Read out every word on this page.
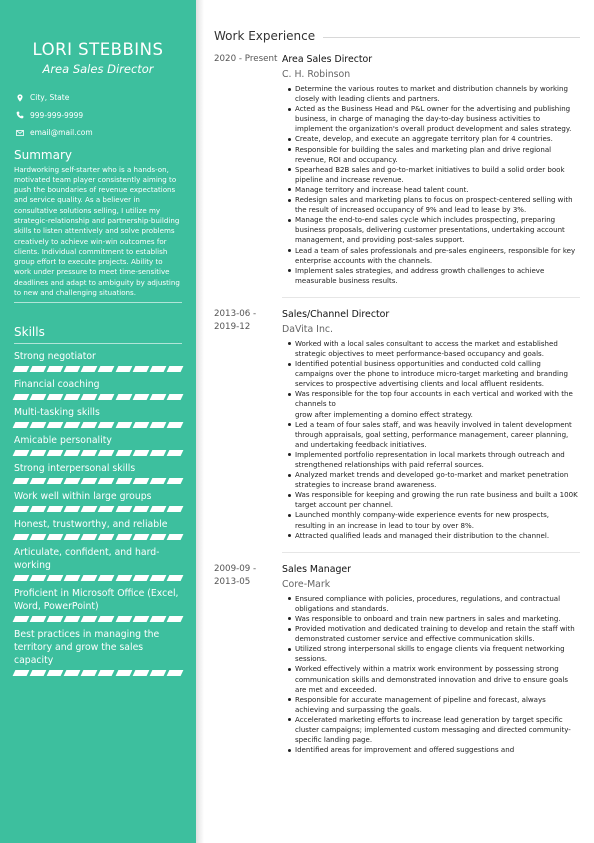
LORI STEBBINS
Area Sales Director
City, State
999-999-9999
email@mail.com
Summary
Hardworking self-starter who is a hands-on, motivated team player consistently aiming to push the boundaries of revenue expectations and service quality. As a believer in consultative solutions selling, I utilize my strategic-relationship and partnership-building skills to listen attentively and solve problems creatively to achieve win-win outcomes for clients. Individual commitment to establish group effort to execute projects. Ability to work under pressure to meet time-sensitive deadlines and adapt to ambiguity by adjusting to new and challenging situations.
Skills
Strong negotiator
Financial coaching
Multi-tasking skills
Amicable personality
Strong interpersonal skills
Work well within large groups
Honest, trustworthy, and reliable
Articulate, confident, and hard-working
Proficient in Microsoft Office (Excel, Word, PowerPoint)
Best practices in managing the territory and grow the sales capacity
Work Experience
2020 - Present Area Sales Director
C. H. Robinson
Determine the various routes to market and distribution channels by working closely with leading clients and partners.
Acted as the Business Head and P&L owner for the advertising and publishing business, in charge of managing the day-to-day business activities to implement the organization's overall product development and sales strategy.
Create, develop, and execute an aggregate territory plan for 4 countries.
Responsible for building the sales and marketing plan and drive regional revenue, ROI and occupancy.
Spearhead B2B sales and go-to-market initiatives to build a solid order book pipeline and increase revenue.
Manage territory and increase head talent count.
Redesign sales and marketing plans to focus on prospect-centered selling with the result of increased occupancy of 9% and lead to lease by 3%.
Manage the end-to-end sales cycle which includes prospecting, preparing business proposals, delivering customer presentations, undertaking account management, and providing post-sales support.
Lead a team of sales professionals and pre-sales engineers, responsible for key enterprise accounts with the channels.
Implement sales strategies, and address growth challenges to achieve measurable business results.
2013-06 - 2019-12
Sales/Channel Director
DaVita Inc.
Worked with a local sales consultant to access the market and established strategic objectives to meet performance-based occupancy and goals.
Identified potential business opportunities and conducted cold calling campaigns over the phone to introduce micro-target marketing and branding services to prospective advertising clients and local affluent residents.
Was responsible for the top four accounts in each vertical and worked with the channels to
grow after implementing a domino effect strategy.
Led a team of four sales staff, and was heavily involved in talent development through appraisals, goal setting, performance management, career planning, and undertaking feedback initiatives.
Implemented portfolio representation in local markets through outreach and strengthened relationships with paid referral sources.
Analyzed market trends and developed go-to-market and market penetration strategies to increase brand awareness.
Was responsible for keeping and growing the run rate business and built a 100K target account per channel.
Launched monthly company-wide experience events for new prospects, resulting in an increase in lead to tour by over 8%.
Attracted qualified leads and managed their distribution to the channel.
2009-09 - 2013-05
Sales Manager
Core-Mark
Ensured compliance with policies, procedures, regulations, and contractual obligations and standards.
Was responsible to onboard and train new partners in sales and marketing.
Provided motivation and dedicated training to develop and retain the staff with demonstrated customer service and effective communication skills.
Utilized strong interpersonal skills to engage clients via frequent networking sessions.
Worked effectively within a matrix work environment by possessing strong communication skills and demonstrated innovation and drive to ensure goals are met and exceeded.
Responsible for accurate management of pipeline and forecast, always achieving and surpassing the goals.
Accelerated marketing efforts to increase lead generation by target specific cluster campaigns; implemented custom messaging and directed community-specific landing page.
Identified areas for improvement and offered suggestions and
